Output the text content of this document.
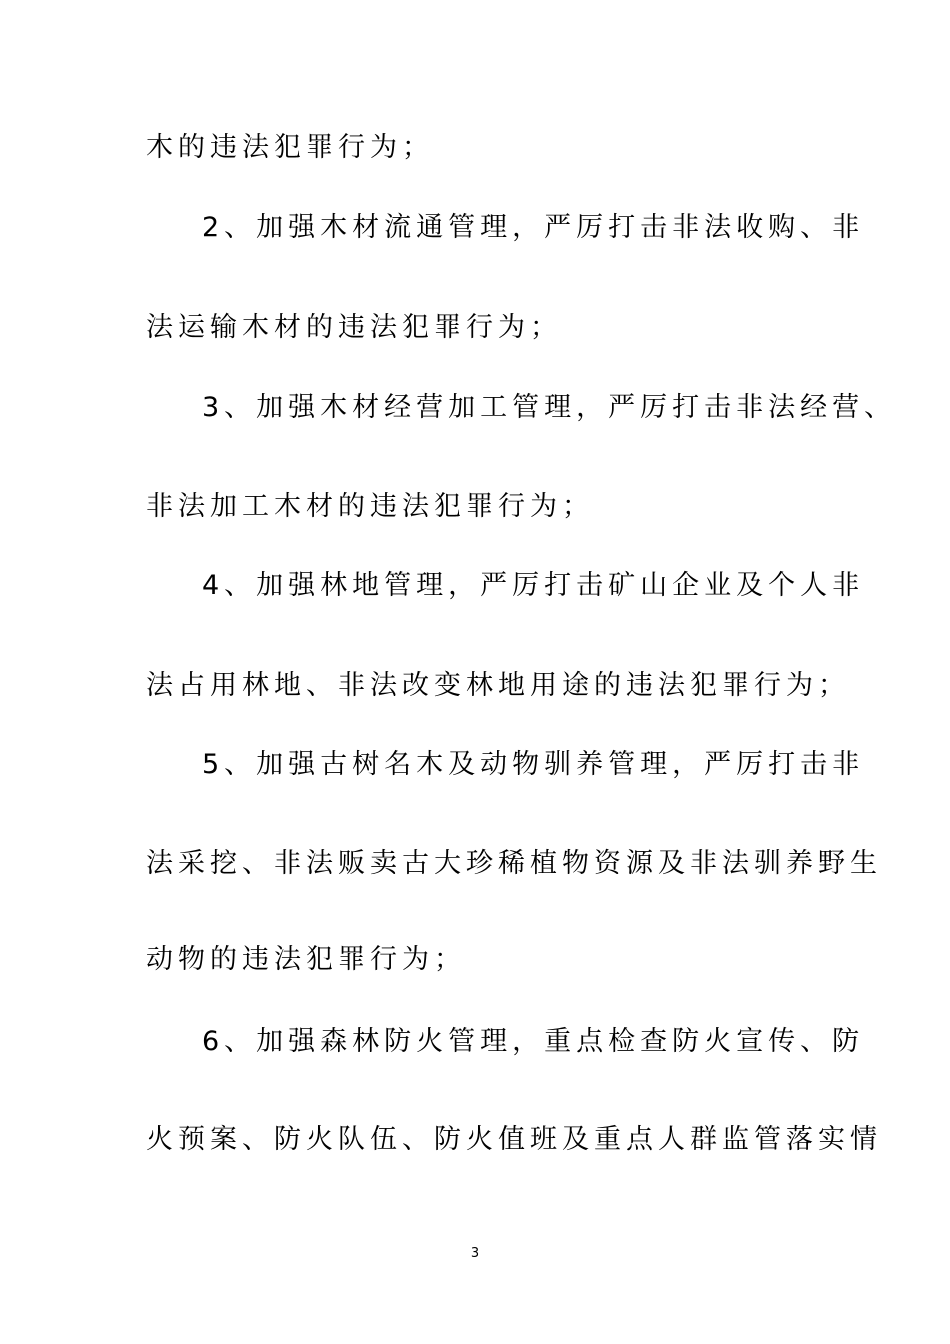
木的违法犯罪行为；
2、加强木材流通管理，严厉打击非法收购、非
法运输木材的违法犯罪行为；
3、加强木材经营加工管理，严厉打击非法经营、
非法加工木材的违法犯罪行为；
4、加强林地管理，严厉打击矿山企业及个人非
法占用林地、非法改变林地用途的违法犯罪行为；
5、加强古树名木及动物驯养管理，严厉打击非
法采挖、非法贩卖古大珍稀植物资源及非法驯养野生
动物的违法犯罪行为；
6、加强森林防火管理，重点检查防火宣传、防
火预案、防火队伍、防火值班及重点人群监管落实情
3
